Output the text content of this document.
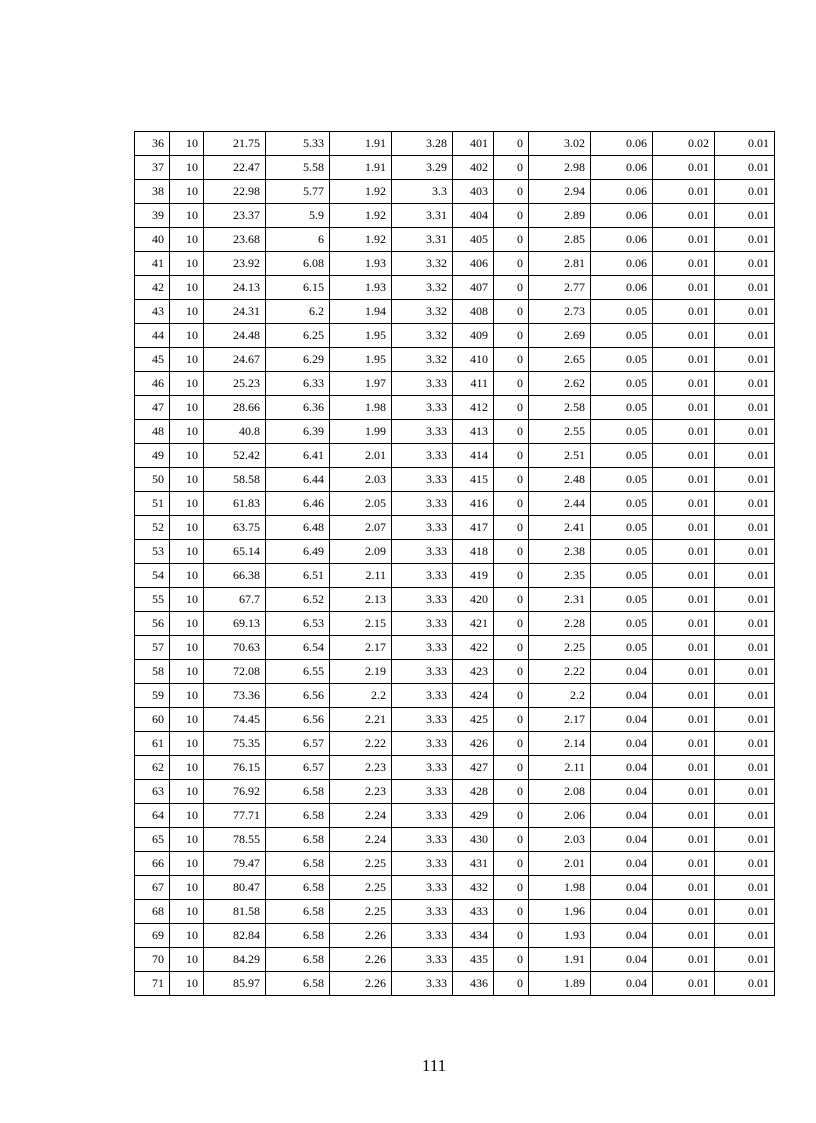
36	10	21.75	5.33	1.91	3.28	401	0	3.02	0.06	0.02	0.01
37	10	22.47	5.58	1.91	3.29	402	0	2.98	0.06	0.01	0.01
38	10	22.98	5.77	1.92	3.3	403	0	2.94	0.06	0.01	0.01
39	10	23.37	5.9	1.92	3.31	404	0	2.89	0.06	0.01	0.01
40	10	23.68	6	1.92	3.31	405	0	2.85	0.06	0.01	0.01
41	10	23.92	6.08	1.93	3.32	406	0	2.81	0.06	0.01	0.01
42	10	24.13	6.15	1.93	3.32	407	0	2.77	0.06	0.01	0.01
43	10	24.31	6.2	1.94	3.32	408	0	2.73	0.05	0.01	0.01
44	10	24.48	6.25	1.95	3.32	409	0	2.69	0.05	0.01	0.01
45	10	24.67	6.29	1.95	3.32	410	0	2.65	0.05	0.01	0.01
46	10	25.23	6.33	1.97	3.33	411	0	2.62	0.05	0.01	0.01
47	10	28.66	6.36	1.98	3.33	412	0	2.58	0.05	0.01	0.01
48	10	40.8	6.39	1.99	3.33	413	0	2.55	0.05	0.01	0.01
49	10	52.42	6.41	2.01	3.33	414	0	2.51	0.05	0.01	0.01
50	10	58.58	6.44	2.03	3.33	415	0	2.48	0.05	0.01	0.01
51	10	61.83	6.46	2.05	3.33	416	0	2.44	0.05	0.01	0.01
52	10	63.75	6.48	2.07	3.33	417	0	2.41	0.05	0.01	0.01
53	10	65.14	6.49	2.09	3.33	418	0	2.38	0.05	0.01	0.01
54	10	66.38	6.51	2.11	3.33	419	0	2.35	0.05	0.01	0.01
55	10	67.7	6.52	2.13	3.33	420	0	2.31	0.05	0.01	0.01
56	10	69.13	6.53	2.15	3.33	421	0	2.28	0.05	0.01	0.01
57	10	70.63	6.54	2.17	3.33	422	0	2.25	0.05	0.01	0.01
58	10	72.08	6.55	2.19	3.33	423	0	2.22	0.04	0.01	0.01
59	10	73.36	6.56	2.2	3.33	424	0	2.2	0.04	0.01	0.01
60	10	74.45	6.56	2.21	3.33	425	0	2.17	0.04	0.01	0.01
61	10	75.35	6.57	2.22	3.33	426	0	2.14	0.04	0.01	0.01
62	10	76.15	6.57	2.23	3.33	427	0	2.11	0.04	0.01	0.01
63	10	76.92	6.58	2.23	3.33	428	0	2.08	0.04	0.01	0.01
64	10	77.71	6.58	2.24	3.33	429	0	2.06	0.04	0.01	0.01
65	10	78.55	6.58	2.24	3.33	430	0	2.03	0.04	0.01	0.01
66	10	79.47	6.58	2.25	3.33	431	0	2.01	0.04	0.01	0.01
67	10	80.47	6.58	2.25	3.33	432	0	1.98	0.04	0.01	0.01
68	10	81.58	6.58	2.25	3.33	433	0	1.96	0.04	0.01	0.01
69	10	82.84	6.58	2.26	3.33	434	0	1.93	0.04	0.01	0.01
70	10	84.29	6.58	2.26	3.33	435	0	1.91	0.04	0.01	0.01
71	10	85.97	6.58	2.26	3.33	436	0	1.89	0.04	0.01	0.01
111
